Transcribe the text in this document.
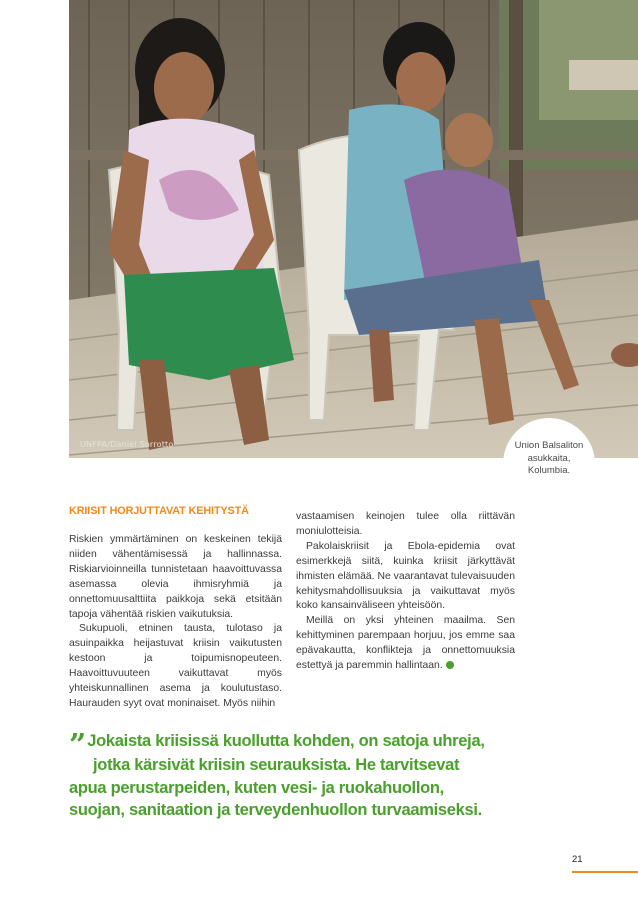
UNFPA/Daniel Sorrotto	Union Balsaliton
asukkaita,
Kolumbia.
KRIISIT HORJUTTAVAT KEHITYSTÄ

Riskien ymmärtäminen on keskeinen tekijä niiden vähentämisessä ja hallinnassa. Riskiarvioinneilla tunnistetaan haavoittuvassa asemassa olevia ihmisryhmiä ja onnettomuusalttiita paikkoja sekä etsitään tapoja vähentää riskien vaikutuksia.

Sukupuoli, etninen tausta, tulotaso ja asuinpaikka heijastuvat kriisin vaikutusten kestoon ja toipumisnopeuteen. Haavoittuvuuteen vaikuttavat myös yhteiskunnallinen asema ja koulutustaso. Haurauden syyt ovat moninaiset. Myös niihin

vastaamisen keinojen tulee olla riittävän moniulotteisia.

Pakolaiskriisit ja Ebola-epidemia ovat esimerkkejä siitä, kuinka kriisit järkyttävät ihmisten elämää. Ne vaarantavat tulevaisuuden kehitysmahdollisuuksia ja vaikuttavat myös koko kansainväliseen yhteisöön.

Meillä on yksi yhteinen maailma. Sen kehittyminen parempaan horjuu, jos emme saa epävakautta, konflikteja ja onnettomuuksia estettyä ja paremmin hallintaan.

” Jokaista kriisissä kuollutta kohden, on satoja uhreja,
jotka kärsivät kriisin seurauksista. He tarvitsevat
apua perustarpeiden, kuten vesi- ja ruokahuollon,
suojan, sanitaation ja terveydenhuollon turvaamiseksi.
21
